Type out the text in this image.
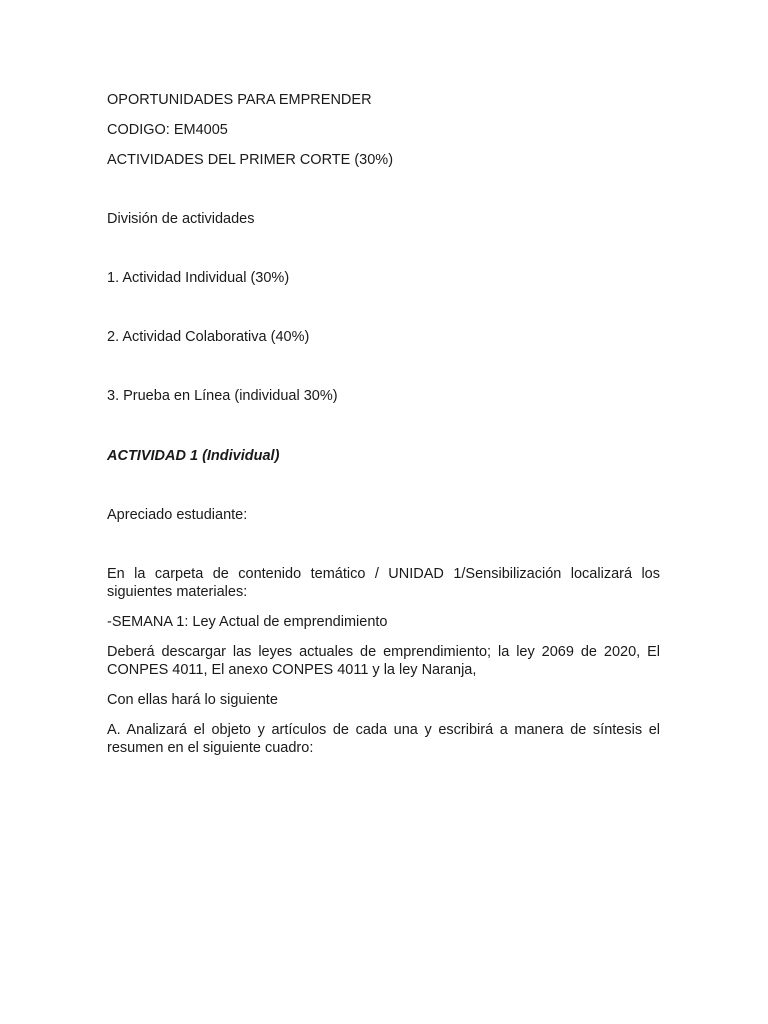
OPORTUNIDADES PARA EMPRENDER
CODIGO: EM4005
ACTIVIDADES DEL PRIMER CORTE (30%)
División de actividades
1. Actividad Individual (30%)
2. Actividad Colaborativa (40%)
3. Prueba en Línea (individual 30%)
ACTIVIDAD 1 (Individual)
Apreciado estudiante:
En la carpeta de contenido temático / UNIDAD 1/Sensibilización localizará los siguientes materiales:
-SEMANA 1: Ley Actual de emprendimiento
Deberá descargar las leyes actuales de emprendimiento; la ley 2069 de 2020, El CONPES 4011, El anexo CONPES 4011 y la ley Naranja,
Con ellas hará lo siguiente
A. Analizará el objeto y artículos de cada una y escribirá a manera de síntesis el resumen en el siguiente cuadro:
